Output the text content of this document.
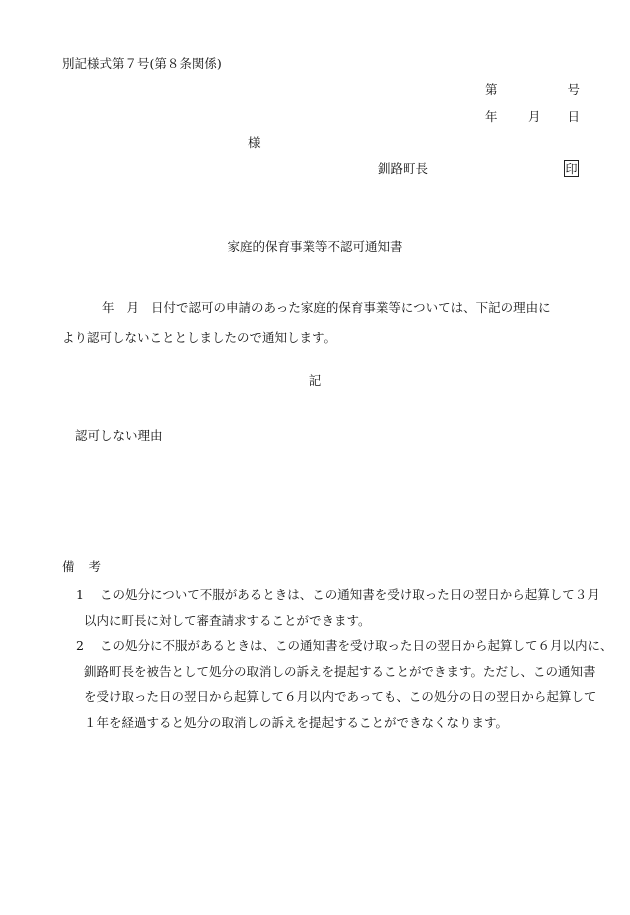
別記様式第７号(第８条関係)
第	号
年 月 日
様
釧路町長	印
家庭的保育事業等不認可通知書
年 月 日付で認可の申請のあった家庭的保育事業等については、下記の理由に
より認可しないこととしましたので通知します。
記
認可しない理由
備 考
1 この処分について不服があるときは、この通知書を受け取った日の翌日から起算して３月
以内に町長に対して審査請求することができます。
2 この処分に不服があるときは、この通知書を受け取った日の翌日から起算して６月以内に、
釧路町長を被告として処分の取消しの訴えを提起することができます。ただし、この通知書
を受け取った日の翌日から起算して６月以内であっても、この処分の日の翌日から起算して
１年を経過すると処分の取消しの訴えを提起することができなくなります。
